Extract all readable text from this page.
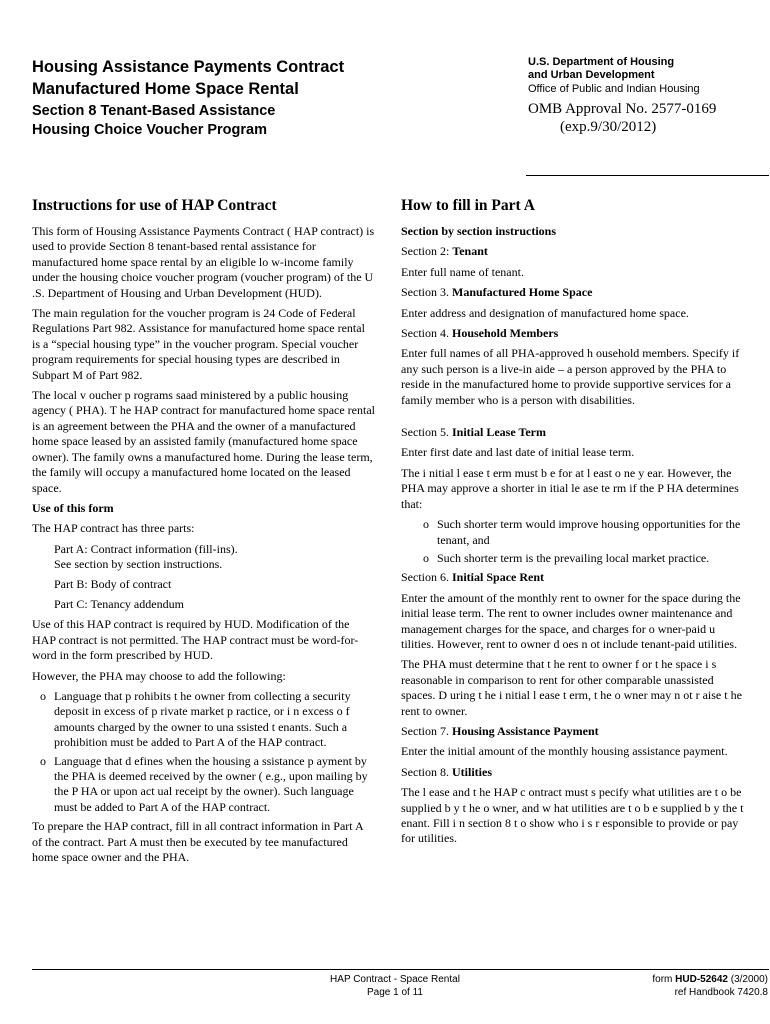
Housing Assistance Payments Contract
Manufactured Home Space Rental
Section 8 Tenant-Based Assistance
Housing Choice Voucher Program
U.S. Department of Housing
and Urban Development
Office of Public and Indian Housing
OMB Approval No. 2577-0169
(exp.9/30/2012)
Instructions for use of HAP Contract

This form of Housing Assistance Payments Contract ( HAP contract) is used to provide Section 8 tenant-based rental assistance for manufactured home space rental by an eligible lo w-income family under the housing choice voucher program (voucher program) of the U .S. Department of Housing and Urban Development (HUD).

The main regulation for the voucher program is 24 Code of Federal Regulations Part 982. Assistance for manufactured home space rental is a “special housing type” in the voucher program. Special voucher program requirements for special housing types are described in Subpart M of Part 982.

The local v oucher p rograms saad ministered by a public housing agency ( PHA). T he HAP contract for manufactured home space rental is an agreement between the PHA and the owner of a manufactured home space leased by an assisted family (manufactured home space owner). The family owns a manufactured home. During the lease term, the family will occupy a manufactured home located on the leased space.

Use of this form

The HAP contract has three parts:

Part A: Contract information (fill-ins).
See section by section instructions.

Part B: Body of contract

Part C: Tenancy addendum

Use of this HAP contract is required by HUD. Modification of the HAP contract is not permitted. The HAP contract must be word-for-word in the form prescribed by HUD.

However, the PHA may choose to add the following:

o Language that p rohibits t he owner from collecting a security deposit in excess of p rivate market p ractice, or i n excess o f amounts charged by the owner to una ssisted t enants. Such a prohibition must be added to Part A of the HAP contract.
o Language that d efines when the housing a ssistance p ayment by the PHA is deemed received by the owner ( e.g., upon mailing by the P HA or upon act ual receipt by the owner). Such language must be added to Part A of the HAP contract.

To prepare the HAP contract, fill in all contract information in Part A of the contract. Part A must then be executed by tee manufactured home space owner and the PHA.

How to fill in Part A

Section by section instructions

Section 2: Tenant

Enter full name of tenant.

Section 3. Manufactured Home Space

Enter address and designation of manufactured home space.

Section 4. Household Members

Enter full names of all PHA-approved h ousehold members. Specify if any such person is a live-in aide – a person approved by the PHA to reside in the manufactured home to provide supportive services for a family member who is a person with disabilities.

Section 5. Initial Lease Term

Enter first date and last date of initial lease term.

The i nitial l ease t erm must b e for at l east o ne y ear. However, the PHA may approve a shorter in itial le ase te rm if the P HA determines that:

o Such shorter term would improve housing opportunities for the tenant, and
o Such shorter term is the prevailing local market practice.

Section 6. Initial Space Rent

Enter the amount of the monthly rent to owner for the space during the initial lease term. The rent to owner includes owner maintenance and management charges for the space, and charges for o wner-paid u tilities. However, rent to owner d oes n ot include tenant-paid utilities.

The PHA must determine that t he rent to owner f or t he space i s reasonable in comparison to rent for other comparable unassisted spaces. D uring t he i nitial l ease t erm, t he o wner may n ot r aise t he rent to owner.

Section 7. Housing Assistance Payment

Enter the initial amount of the monthly housing assistance payment.

Section 8. Utilities

The l ease and t he HAP c ontract must s pecify what utilities are t o be supplied b y t he o wner, and w hat utilities are t o b e supplied b y the t enant. Fill i n section 8 t o show who i s r esponsible to provide or pay for utilities.

HAP Contract - Space Rental
Page 1 of 11
form HUD-52642 (3/2000)
ref Handbook 7420.8
